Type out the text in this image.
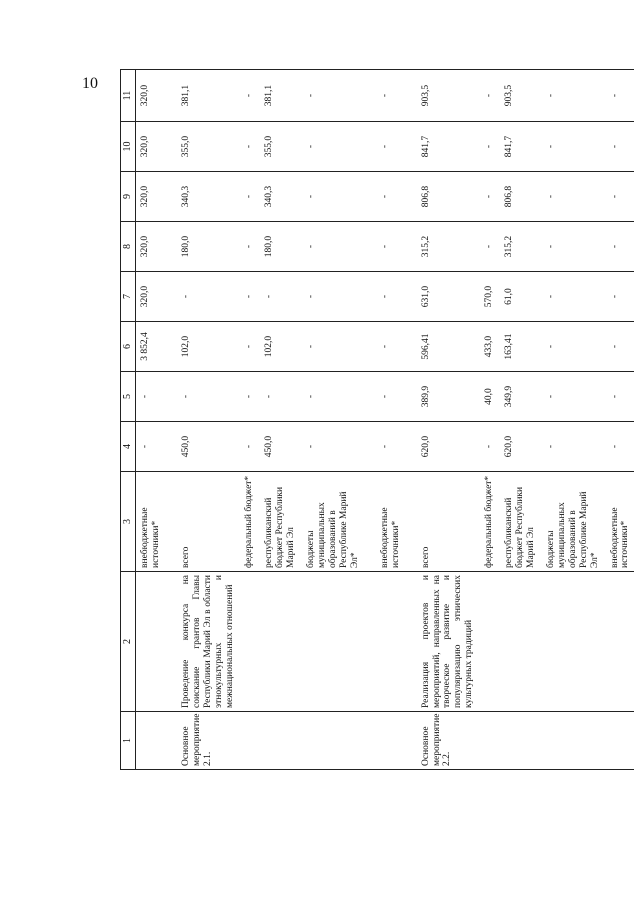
10
1	2	3	4	5	6	7	8	9	10	11
		внебюджетные источники*	-	-	3 852,4	320,0	320,0	320,0	320,0	320,0
Основное мероприятие 2.1.	Проведение конкурса на соискание грантов Главы Республики Марий Эл в области этнокультурных и межнациональных отношений	всего	450,0	-	102,0	-	180,0	340,3	355,0	381,1
		федеральный бюджет*	-	-	-	-	-	-	-	-
		республиканский бюджет Республики Марий Эл	450,0	-	102,0	-	180,0	340,3	355,0	381,1
		бюджеты муниципальных образований в Республике Марий Эл*	-	-	-	-	-	-	-	-
		внебюджетные источники*	-	-	-	-	-	-	-	-
Основное мероприятие 2.2.	Реализация проектов и мероприятий, направленных на творческое развитие и популяризацию этнических культурных традиций	всего	620,0	389,9	596,41	631,0	315,2	806,8	841,7	903,5
		федеральный бюджет*	-	40,0	433,0	570,0	-	-	-	-
		республиканский бюджет Республики Марий Эл	620,0	349,9	163,41	61,0	315,2	806,8	841,7	903,5
		бюджеты муниципальных образований в Республике Марий Эл*	-	-	-	-	-	-	-	-
		внебюджетные источники*	-	-	-	-	-	-	-	-
